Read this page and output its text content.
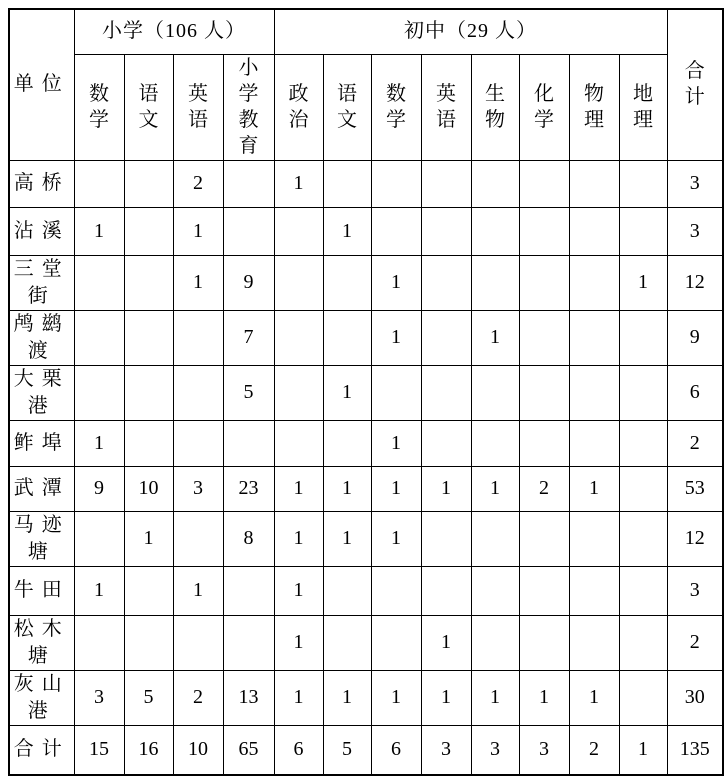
单位	小学（106 人）				初中（29 人）								合计
	数学	语文	英语	小学教育	政治	语文	数学	英语	生物	化学	物理	地理	
高桥			2		1								3
沾溪	1		1			1							3
三堂街			1	9			1					1	12
鸬鹚渡				7			1		1				9
大栗港				5		1							6
鲊埠	1						1						2
武潭	9	10	3	23	1	1	1	1	1	2	1		53
马迹塘		1		8	1	1	1						12
牛田	1		1		1								3
松木塘					1			1					2
灰山港	3	5	2	13	1	1	1	1	1	1	1		30
合计	15	16	10	65	6	5	6	3	3	3	2	1	135
